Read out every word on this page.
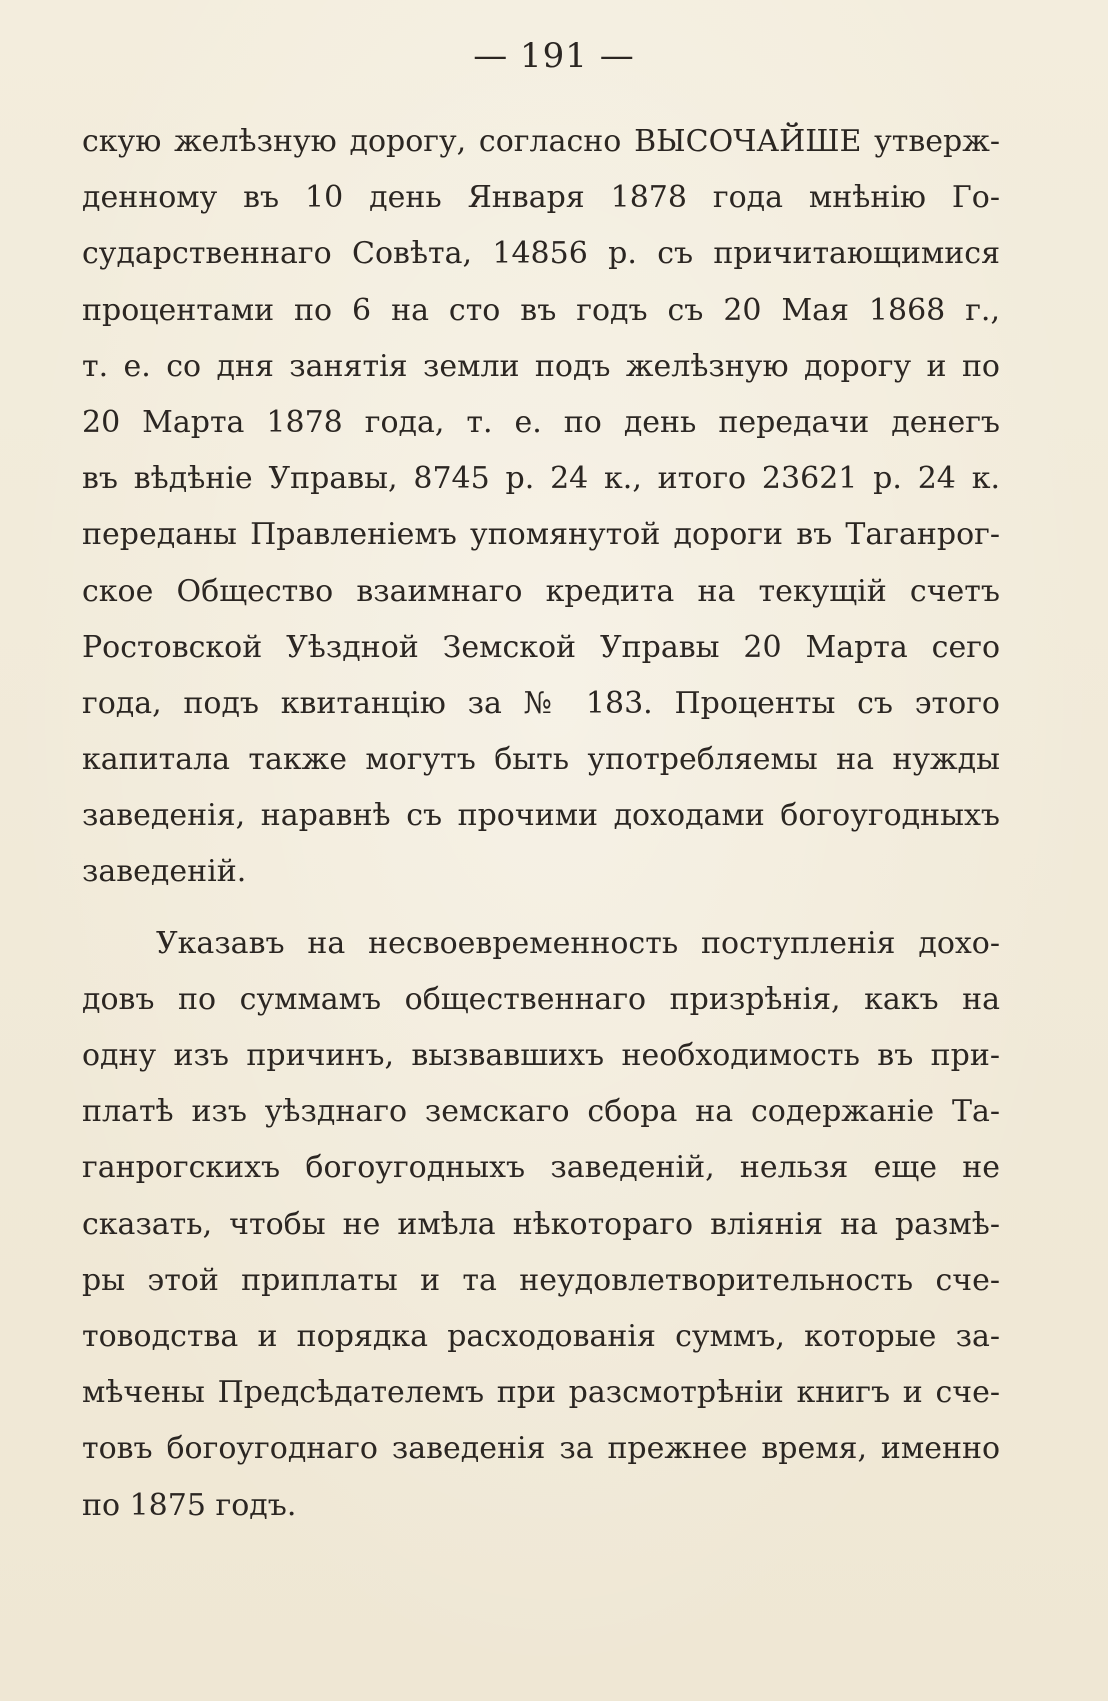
— 191 —
скую желѣзную дорогу, согласно ВЫСОЧАЙШЕ утверж-
денному въ 10 день Января 1878 года мнѣнію Го-
сударственнаго Совѣта, 14856 р. съ причитающимися
процентами по 6 на сто въ годъ съ 20 Мая 1868 г.,
т. е. со дня занятія земли подъ желѣзную дорогу и по
20 Марта 1878 года, т. е. по день передачи денегъ
въ вѣдѣніе Управы, 8745 р. 24 к., итого 23621 р. 24 к.
переданы Правленіемъ упомянутой дороги въ Таганрог-
ское Общество взаимнаго кредита на текущій счетъ
Ростовской Уѣздной Земской Управы 20 Марта сего
года, подъ квитанцію за № 183. Проценты съ этого
капитала также могутъ быть употребляемы на нужды
заведенія, наравнѣ съ прочими доходами богоугодныхъ
заведеній.
Указавъ на несвоевременность поступленія дохо-
довъ по суммамъ общественнаго призрѣнія, какъ на
одну изъ причинъ, вызвавшихъ необходимость въ при-
платѣ изъ уѣзднаго земскаго сбора на содержаніе Та-
ганрогскихъ богоугодныхъ заведеній, нельзя еще не
сказать, чтобы не имѣла нѣкотораго вліянія на размѣ-
ры этой приплаты и та неудовлетворительность сче-
товодства и порядка расходованія суммъ, которые за-
мѣчены Предсѣдателемъ при разсмотрѣніи книгъ и сче-
товъ богоугоднаго заведенія за прежнее время, именно
по 1875 годъ.
